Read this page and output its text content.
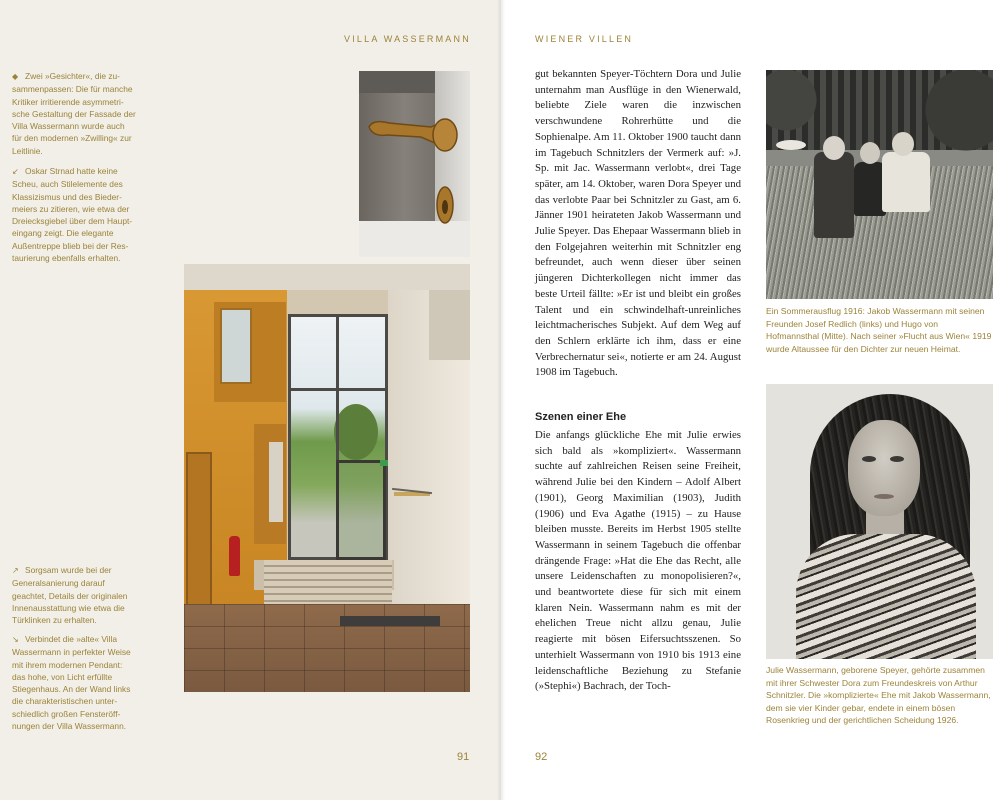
VILLA WASSERMANN	WIENER VILLEN
◆ Zwei »Gesichter«, die zu-
sammenpassen: Die für manche
Kritiker irritierende asymmetri-
sche Gestaltung der Fassade der
Villa Wassermann wurde auch
für den modernen »Zwilling« zur
Leitlinie.
↙ Oskar Strnad hatte keine
Scheu, auch Stilelemente des
Klassizismus und des Bieder-
meiers zu zitieren, wie etwa der
Dreiecksgiebel über dem Haupt-
eingang zeigt. Die elegante
Außentreppe blieb bei der Res-
taurierung ebenfalls erhalten.
↗ Sorgsam wurde bei der
Generalsanierung darauf
geachtet, Details der originalen
Innenausstattung wie etwa die
Türklinken zu erhalten.
↘ Verbindet die »alte« Villa
Wassermann in perfekter Weise
mit ihrem modernen Pendant:
das hohe, von Licht erfüllte
Stiegenhaus. An der Wand links
die charakteristischen unter-
schiedlich großen Fensteröff-
nungen der Villa Wassermann.
gut bekannten Speyer-Töchtern Dora und Julie unternahm man Ausflüge in den Wienerwald, beliebte Ziele waren die inzwischen verschwundene Rohrerhütte und die Sophienalpe. Am 11. Oktober 1900 taucht dann im Tagebuch Schnitzlers der Vermerk auf: »J. Sp. mit Jac. Wassermann verlobt«, drei Tage später, am 14. Oktober, waren Dora Speyer und das verlobte Paar bei Schnitzler zu Gast, am 6. Jänner 1901 heirateten Jakob Wassermann und Julie Speyer. Das Ehepaar Wassermann blieb in den Folgejahren weiterhin mit Schnitzler eng befreundet, auch wenn dieser über seinen jüngeren Dichterkollegen nicht immer das beste Urteil fällte: »Er ist und bleibt ein großes Talent und ein schwindelhaft-unreinliches leichtmacherisches Subjekt. Auf dem Weg auf den Schlern erklärte ich ihm, dass er eine Verbrechernatur sei«, notierte er am 24. August 1908 im Tagebuch.
Szenen einer Ehe
Die anfangs glückliche Ehe mit Julie erwies sich bald als »kompliziert«. Wassermann suchte auf zahlreichen Reisen seine Freiheit, während Julie bei den Kindern – Adolf Albert (1901), Georg Maximilian (1903), Judith (1906) und Eva Agathe (1915) – zu Hause bleiben musste. Bereits im Herbst 1905 stellte Wassermann in seinem Tagebuch die offenbar drängende Frage: »Hat die Ehe das Recht, alle unsere Leidenschaften zu monopolisieren?«, und beantwortete diese für sich mit einem klaren Nein. Wassermann nahm es mit der ehelichen Treue nicht allzu genau, Julie reagierte mit bösen Eifersuchtsszenen. So unterhielt Wassermann von 1910 bis 1913 eine leidenschaftliche Beziehung zu Stefanie (»Stephi«) Bachrach, der Toch-
Ein Sommerausflug 1916: Jakob Wassermann mit seinen Freunden Josef Redlich (links) und Hugo von Hofmannsthal (Mitte). Nach seiner »Flucht aus Wien« 1919 wurde Altaussee für den Dichter zur neuen Heimat.
Julie Wassermann, geborene Speyer, gehörte zusammen mit ihrer Schwester Dora zum Freundeskreis von Arthur Schnitzler. Die »komplizierte« Ehe mit Jakob Wassermann, dem sie vier Kinder gebar, endete in einem bösen Rosenkrieg und der gerichtlichen Scheidung 1926.
91	92
